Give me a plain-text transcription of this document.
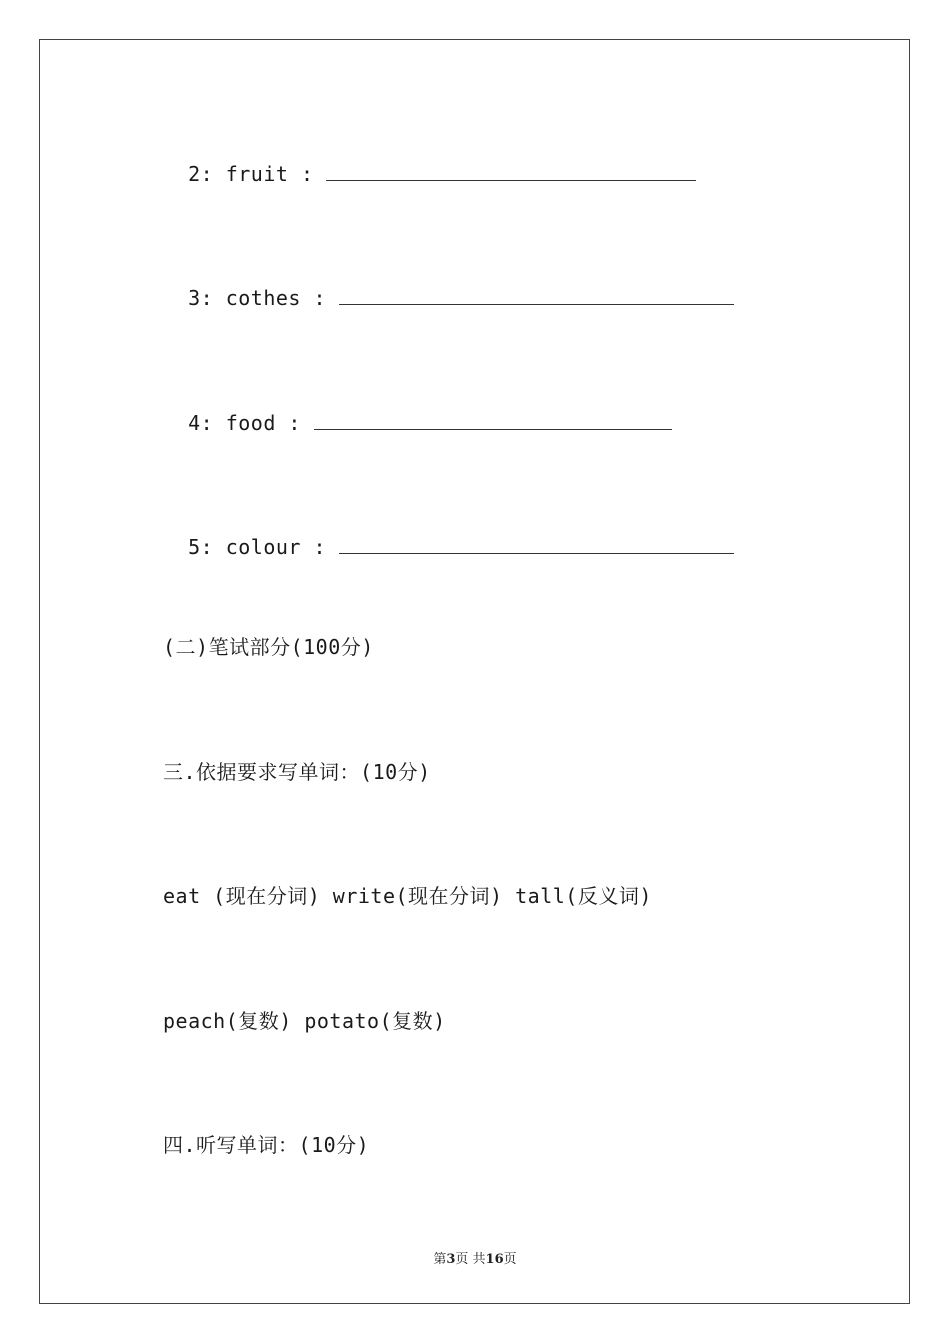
2: fruit :

3: cothes :

4: food :

5: colour :

(二)笔试部分(100分)
三.依据要求写单词：(10分)
eat (现在分词) write(现在分词) tall(反义词)
peach(复数) potato(复数)
四.听写单词：(10分)
第3页 共16页
